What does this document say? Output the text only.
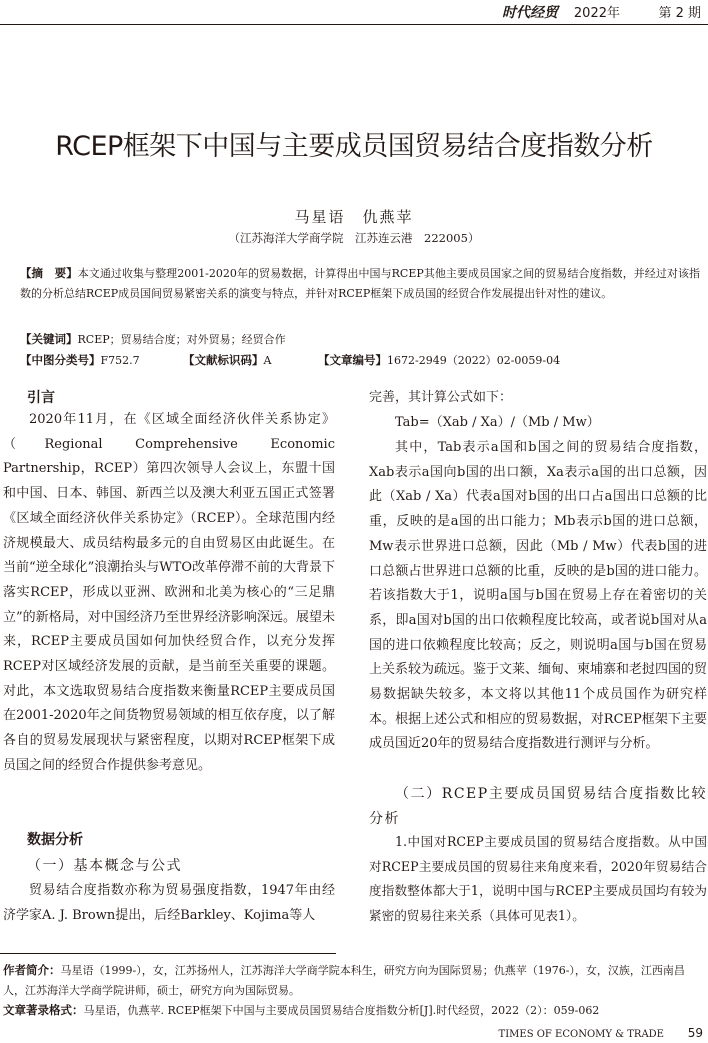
时代经贸 2022年	第 2 期
RCEP框架下中国与主要成员国贸易结合度指数分析
马星语　仇燕苹
（江苏海洋大学商学院　江苏连云港　222005）
【摘　要】本文通过收集与整理2001-2020年的贸易数据，计算得出中国与RCEP其他主要成员国家之间的贸易结合度指数，并经过对该指数的分析总结RCEP成员国间贸易紧密关系的演变与特点，并针对RCEP框架下成员国的经贸合作发展提出针对性的建议。
【关键词】RCEP；贸易结合度；对外贸易；经贸合作
【中图分类号】F752.7	【文献标识码】A	【文章编号】1672-2949（2022）02-0059-04
引言
2020年11月，在《区域全面经济伙伴关系协定》（Regional Comprehensive Economic Partnership，RCEP）第四次领导人会议上，东盟十国和中国、日本、韩国、新西兰以及澳大利亚五国正式签署《区域全面经济伙伴关系协定》（RCEP）。全球范围内经济规模最大、成员结构最多元的自由贸易区由此诞生。在当前“逆全球化”浪潮抬头与WTO改革停滞不前的大背景下落实RCEP，形成以亚洲、欧洲和北美为核心的“三足鼎立”的新格局，对中国经济乃至世界经济影响深远。展望未来，RCEP主要成员国如何加快经贸合作，以充分发挥RCEP对区域经济发展的贡献，是当前至关重要的课题。对此，本文选取贸易结合度指数来衡量RCEP主要成员国在2001-2020年之间货物贸易领域的相互依存度，以了解各自的贸易发展现状与紧密程度，以期对RCEP框架下成员国之间的经贸合作提供参考意见。
数据分析
（一）基本概念与公式
贸易结合度指数亦称为贸易强度指数，1947年由经济学家A. J. Brown提出，后经Barkley、Kojima等人
完善，其计算公式如下：
Tab=（Xab / Xa）/（Mb / Mw）
其中，Tab表示a国和b国之间的贸易结合度指数，Xab表示a国向b国的出口额，Xa表示a国的出口总额，因此（Xab / Xa）代表a国对b国的出口占a国出口总额的比重，反映的是a国的出口能力；Mb表示b国的进口总额，Mw表示世界进口总额，因此（Mb / Mw）代表b国的进口总额占世界进口总额的比重，反映的是b国的进口能力。若该指数大于1，说明a国与b国在贸易上存在着密切的关系，即a国对b国的出口依赖程度比较高，或者说b国对从a国的进口依赖程度比较高；反之，则说明a国与b国在贸易上关系较为疏远。鉴于文莱、缅甸、柬埔寨和老挝四国的贸易数据缺失较多，本文将以其他11个成员国作为研究样本。根据上述公式和相应的贸易数据，对RCEP框架下主要成员国近20年的贸易结合度指数进行测评与分析。
（二）RCEP主要成员国贸易结合度指数比较分析
1.中国对RCEP主要成员国的贸易结合度指数。从中国对RCEP主要成员国的贸易往来角度来看，2020年贸易结合度指数整体都大于1，说明中国与RCEP主要成员国均有较为紧密的贸易往来关系（具体可见表1）。
作者简介：马星语（1999-），女，江苏扬州人，江苏海洋大学商学院本科生，研究方向为国际贸易；仇燕苹（1976-），女，汉族，江西南昌人，江苏海洋大学商学院讲师，硕士，研究方向为国际贸易。
文章著录格式：马星语，仇燕苹. RCEP框架下中国与主要成员国贸易结合度指数分析[J].时代经贸，2022（2）：059-062
TIMES OF ECONOMY & TRADE 59
